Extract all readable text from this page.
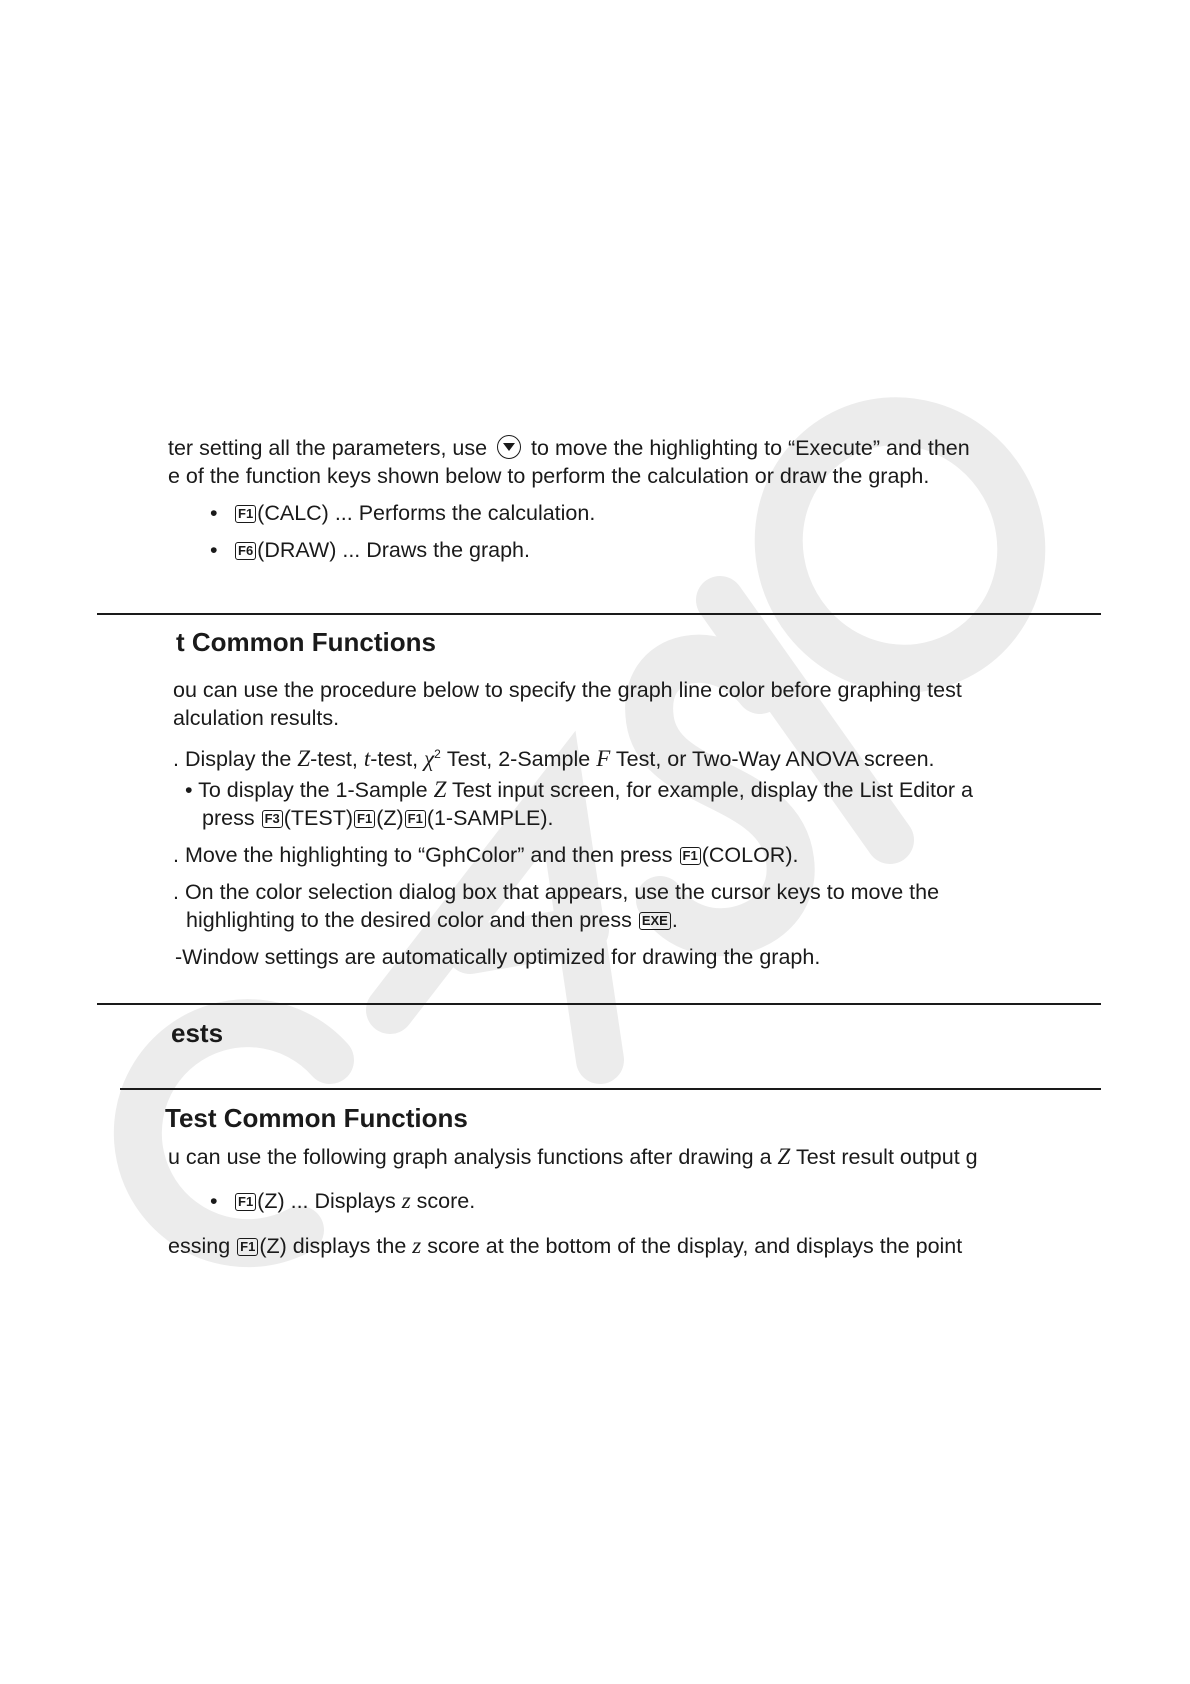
ter setting all the parameters, use to move the highlighting to “Execute” and then
e of the function keys shown below to perform the calculation or draw the graph.
• F1 (CALC) ... Performs the calculation.
• F6 (DRAW) ... Draws the graph.
t Common Functions
ou can use the procedure below to specify the graph line color before graphing test
alculation results.
. Display the Z-test, t-test, $\chi^2$ Test, 2-Sample F Test, or Two-Way ANOVA screen.
• To display the 1-Sample Z Test input screen, for example, display the List Editor a
press F3 (TEST) F1 (Z) F1 (1-SAMPLE).
. Move the highlighting to “GphColor” and then press F1 (COLOR).
. On the color selection dialog box that appears, use the cursor keys to move the
highlighting to the desired color and then press EXE .
-Window settings are automatically optimized for drawing the graph.
ests
Test Common Functions
u can use the following graph analysis functions after drawing a Z Test result output g
• F1 (Z) ... Displays z score.
essing F1 (Z) displays the z score at the bottom of the display, and displays the point
